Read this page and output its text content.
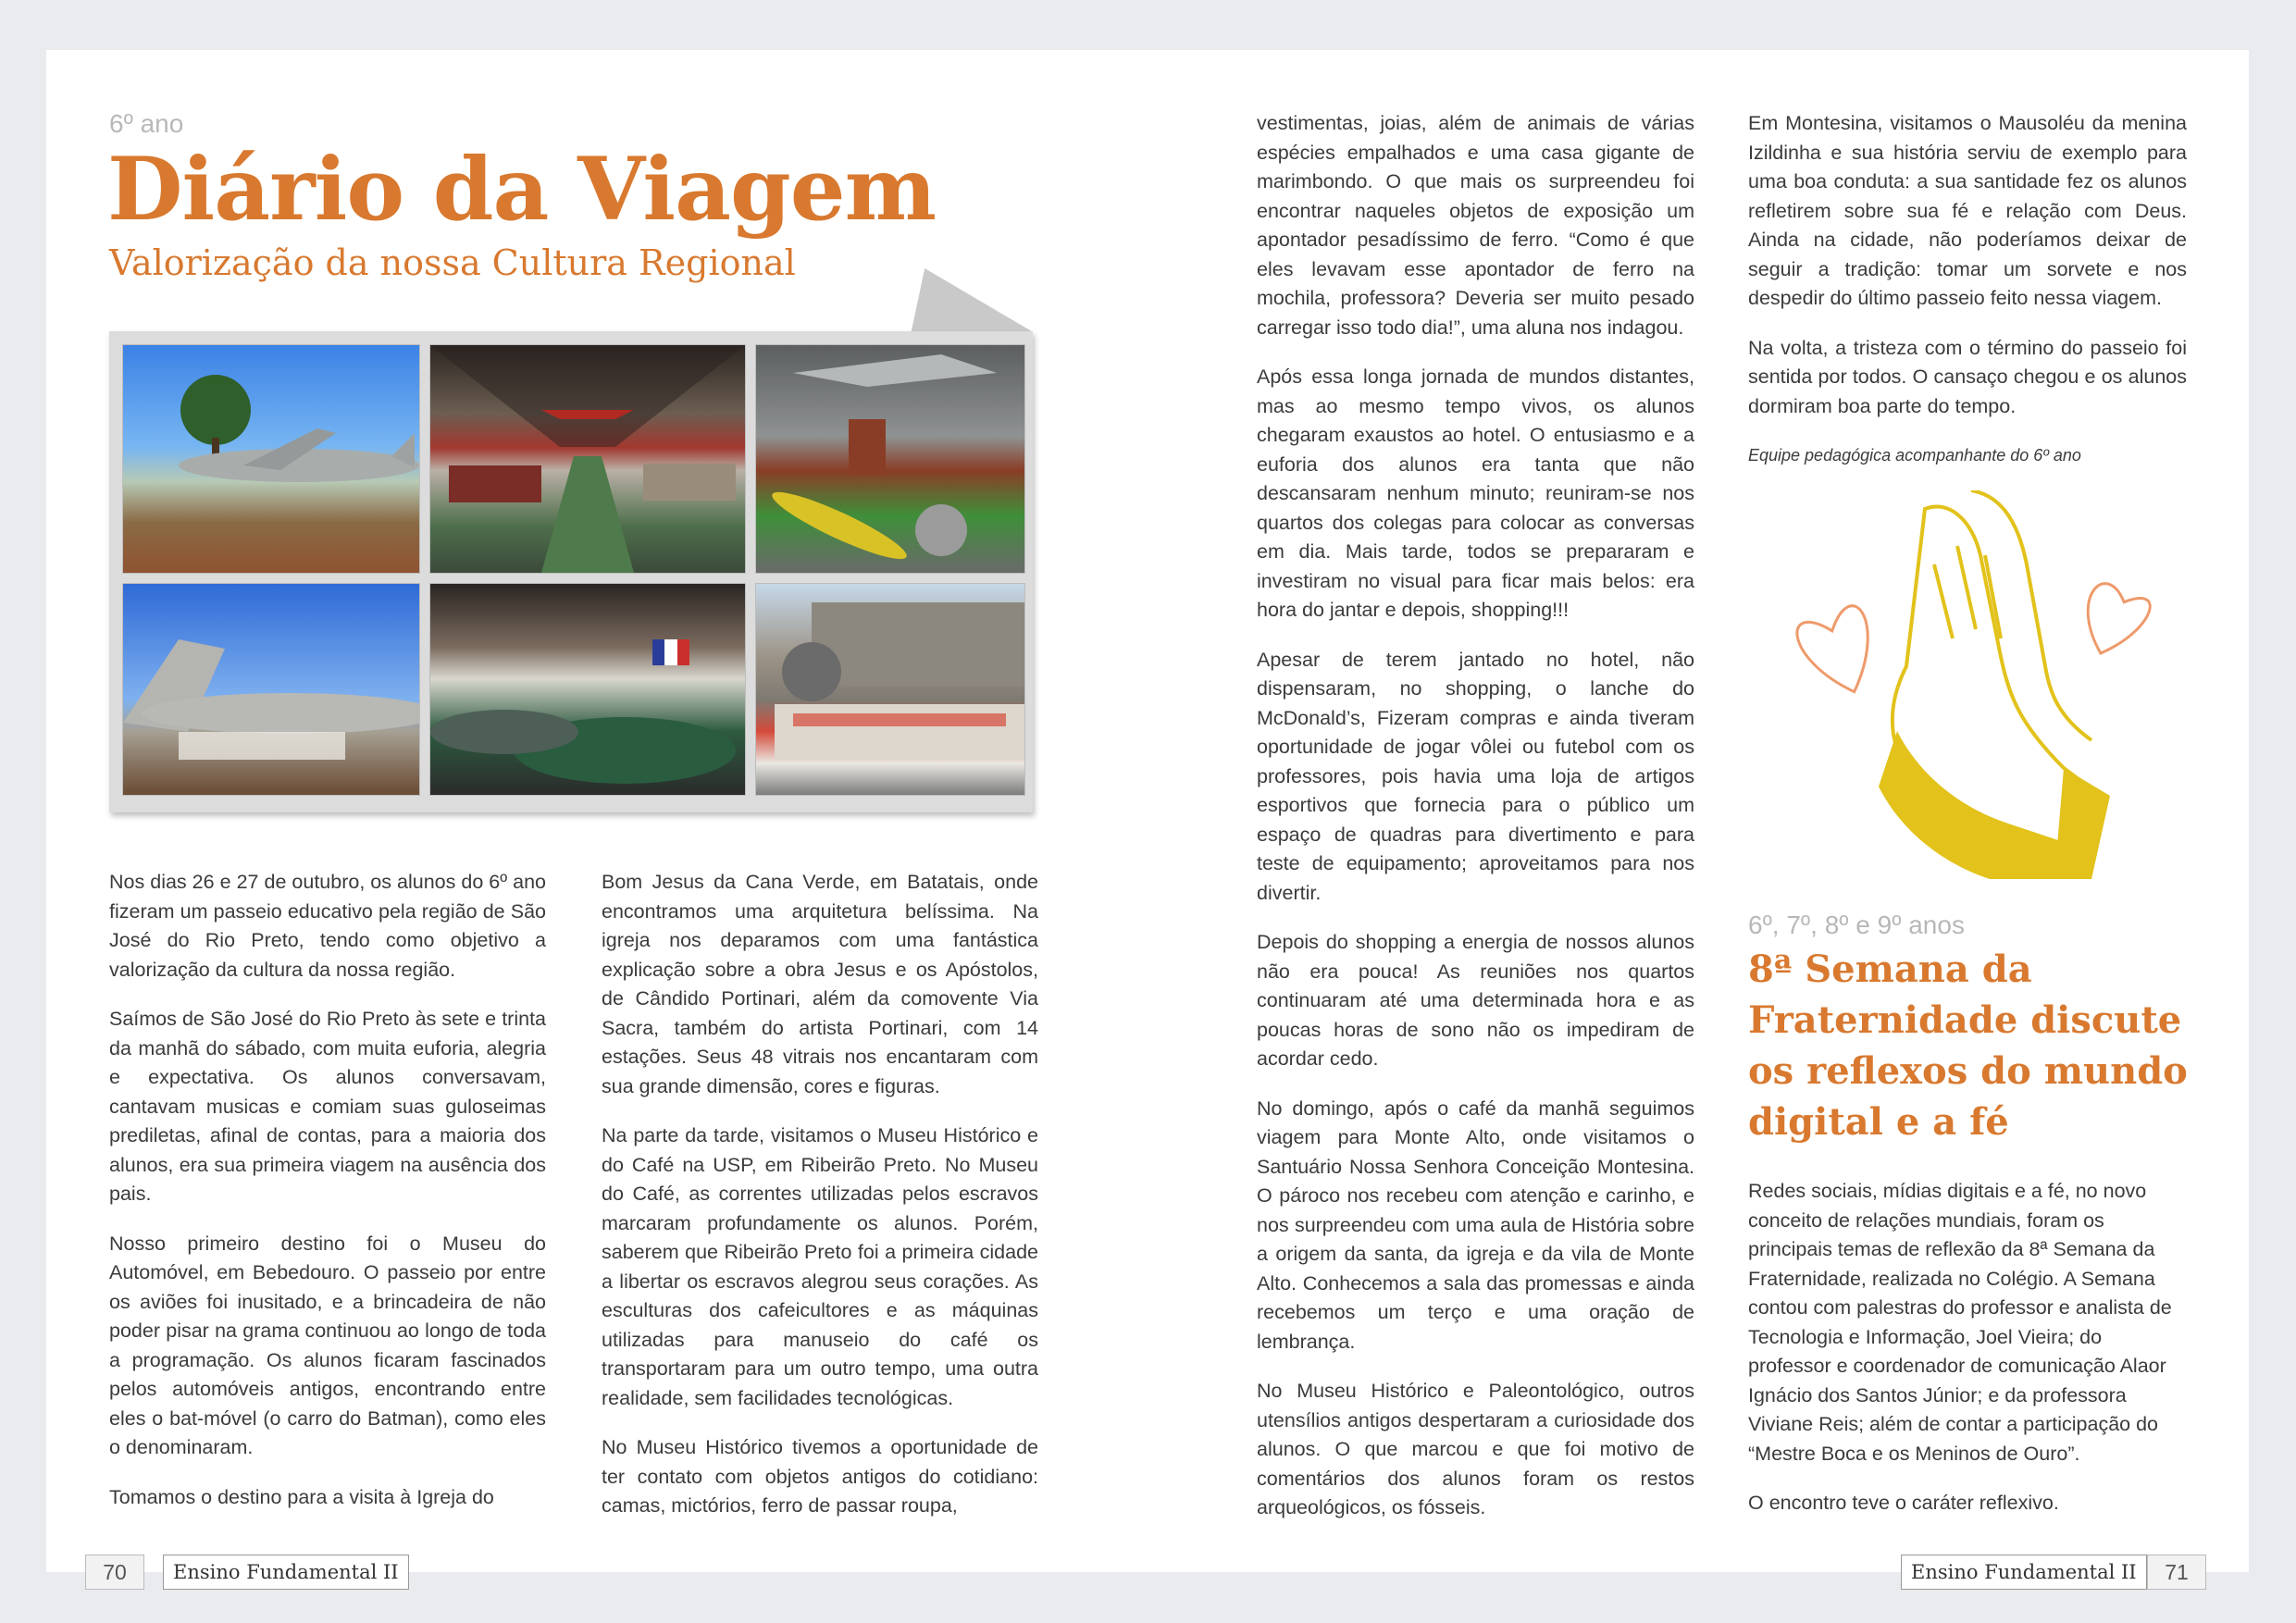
6º ano
Diário da Viagem
Valorização da nossa Cultura Regional

Nos dias 26 e 27 de outubro, os alunos do 6º ano fizeram um passeio educativo pela região de São José do Rio Preto, tendo como objetivo a valorização da cultura da nossa região.

Saímos de São José do Rio Preto às sete e trinta da manhã do sábado, com muita euforia, alegria e expectativa. Os alunos conversavam, cantavam musicas e comiam suas guloseimas prediletas, afinal de contas, para a maioria dos alunos, era sua primeira viagem na ausência dos pais.

Nosso primeiro destino foi o Museu do Automóvel, em Bebedouro. O passeio por entre os aviões foi inusitado, e a brincadeira de não poder pisar na grama continuou ao longo de toda a programação. Os alunos ficaram fascinados pelos automóveis antigos, encontrando entre eles o bat-móvel (o carro do Batman), como eles o denominaram.

Tomamos o destino para a visita à Igreja do

Bom Jesus da Cana Verde, em Batatais, onde encontramos uma arquitetura belíssima. Na igreja nos deparamos com uma fantástica explicação sobre a obra Jesus e os Apóstolos, de Cândido Portinari, além da comovente Via Sacra, também do artista Portinari, com 14 estações. Seus 48 vitrais nos encantaram com sua grande dimensão, cores e figuras.

Na parte da tarde, visitamos o Museu Histórico e do Café na USP, em Ribeirão Preto. No Museu do Café, as correntes utilizadas pelos escravos marcaram profundamente os alunos. Porém, saberem que Ribeirão Preto foi a primeira cidade a libertar os escravos alegrou seus corações. As esculturas dos cafeicultores e as máquinas utilizadas para manuseio do café os transportaram para um outro tempo, uma outra realidade, sem facilidades tecnológicas.

No Museu Histórico tivemos a oportunidade de ter contato com objetos antigos do cotidiano: camas, mictórios, ferro de passar roupa,

vestimentas, joias, além de animais de várias espécies empalhados e uma casa gigante de marimbondo. O que mais os surpreendeu foi encontrar naqueles objetos de exposição um apontador pesadíssimo de ferro. “Como é que eles levavam esse apontador de ferro na mochila, professora? Deveria ser muito pesado carregar isso todo dia!”, uma aluna nos indagou.

Após essa longa jornada de mundos distantes, mas ao mesmo tempo vivos, os alunos chegaram exaustos ao hotel. O entusiasmo e a euforia dos alunos era tanta que não descansaram nenhum minuto; reuniram-se nos quartos dos colegas para colocar as conversas em dia. Mais tarde, todos se prepararam e investiram no visual para ficar mais belos: era hora do jantar e depois, shopping!!!

Apesar de terem jantado no hotel, não dispensaram, no shopping, o lanche do McDonald’s, Fizeram compras e ainda tiveram oportunidade de jogar vôlei ou futebol com os professores, pois havia uma loja de artigos esportivos que fornecia para o público um espaço de quadras para divertimento e para teste de equipamento; aproveitamos para nos divertir.

Depois do shopping a energia de nossos alunos não era pouca! As reuniões nos quartos continuaram até uma determinada hora e as poucas horas de sono não os impediram de acordar cedo.

No domingo, após o café da manhã seguimos viagem para Monte Alto, onde visitamos o Santuário Nossa Senhora Conceição Montesina. O pároco nos recebeu com atenção e carinho, e nos surpreendeu com uma aula de História sobre a origem da santa, da igreja e da vila de Monte Alto. Conhecemos a sala das promessas e ainda recebemos um terço e uma oração de lembrança.

No Museu Histórico e Paleontológico, outros utensílios antigos despertaram a curiosidade dos alunos. O que marcou e que foi motivo de comentários dos alunos foram os restos arqueológicos, os fósseis.

Em Montesina, visitamos o Mausoléu da menina Izildinha e sua história serviu de exemplo para uma boa conduta: a sua santidade fez os alunos refletirem sobre sua fé e relação com Deus. Ainda na cidade, não poderíamos deixar de seguir a tradição: tomar um sorvete e nos despedir do último passeio feito nessa viagem.

Na volta, a tristeza com o término do passeio foi sentida por todos. O cansaço chegou e os alunos dormiram boa parte do tempo.

Equipe pedagógica acompanhante do 6º ano

6º, 7º, 8º e 9º anos
8ª Semana da Fraternidade discute os reflexos do mundo digital e a fé

Redes sociais, mídias digitais e a fé, no novo conceito de relações mundiais, foram os principais temas de reflexão da 8ª Semana da Fraternidade, realizada no Colégio. A Semana contou com palestras do professor e analista de Tecnologia e Informação, Joel Vieira; do professor e coordenador de comunicação Alaor Ignácio dos Santos Júnior; e da professora Viviane Reis; além de contar a participação do “Mestre Boca e os Meninos de Ouro”.

O encontro teve o caráter reflexivo.

70	Ensino Fundamental II	Ensino Fundamental II	71
